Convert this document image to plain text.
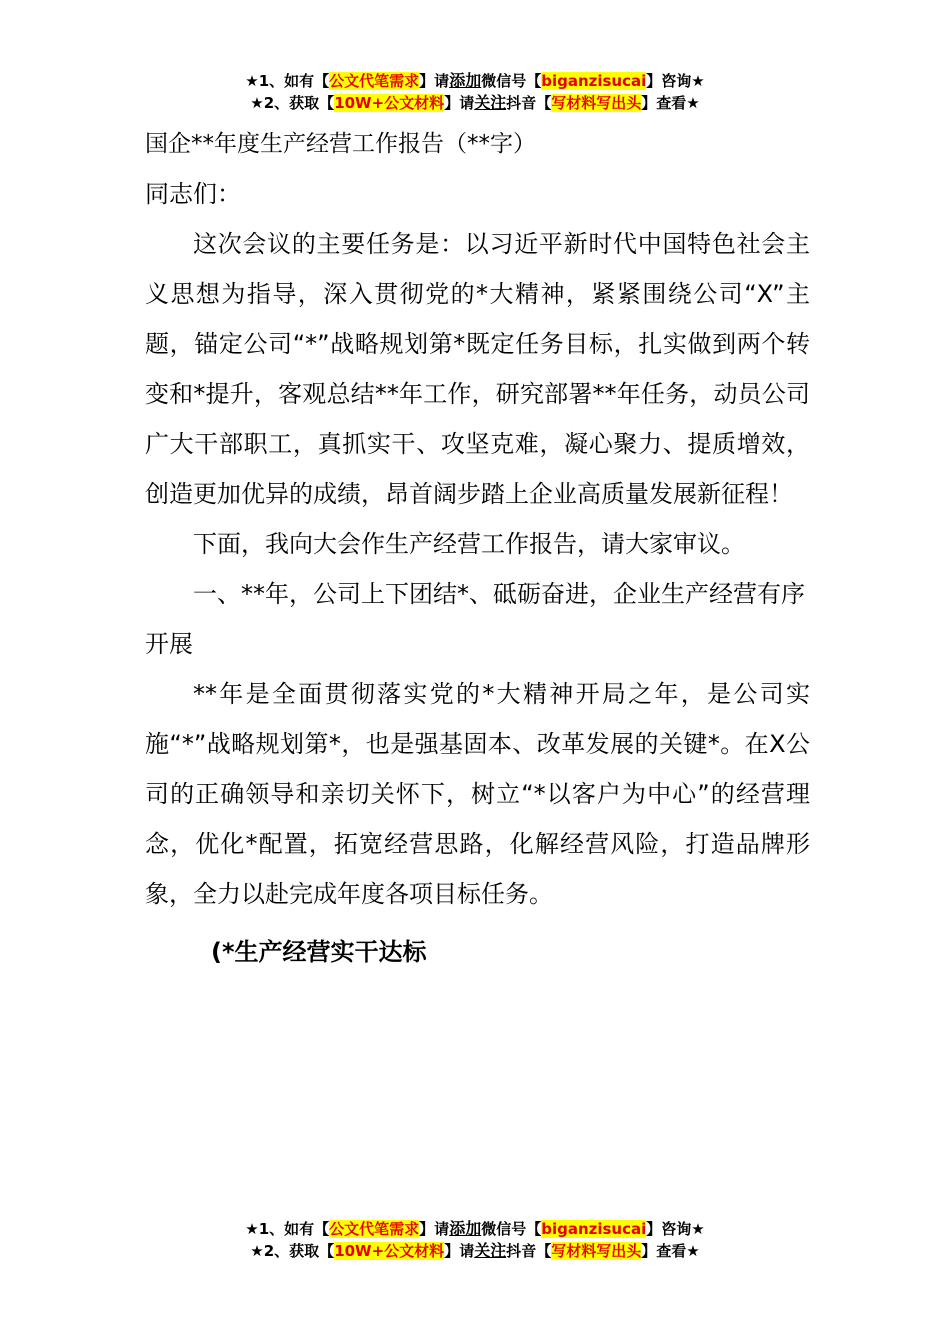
★1、如有【公文代笔需求】请添加微信号【biganzisucai】咨询★
★2、获取【10W+公文材料】请关注抖音【写材料写出头】查看★
国企**年度生产经营工作报告（**字）
同志们：

这次会议的主要任务是：以习近平新时代中国特色社会主义思想为指导，深入贯彻党的*大精神，紧紧围绕公司“X”主题，锚定公司“*”战略规划第*既定任务目标，扎实做到两个转变和*提升，客观总结**年工作，研究部署**年任务，动员公司广大干部职工，真抓实干、攻坚克难，凝心聚力、提质增效，创造更加优异的成绩，昂首阔步踏上企业高质量发展新征程！

下面，我向大会作生产经营工作报告，请大家审议。

一、**年，公司上下团结*、砥砺奋进，企业生产经营有序开展

**年是全面贯彻落实党的*大精神开局之年，是公司实施“*”战略规划第*，也是强基固本、改革发展的关键*。在X公司的正确领导和亲切关怀下，树立“*以客户为中心”的经营理念，优化*配置，拓宽经营思路，化解经营风险，打造品牌形象，全力以赴完成年度各项目标任务。

(*生产经营实干达标

★1、如有【公文代笔需求】请添加微信号【biganzisucai】咨询★
★2、获取【10W+公文材料】请关注抖音【写材料写出头】查看★
